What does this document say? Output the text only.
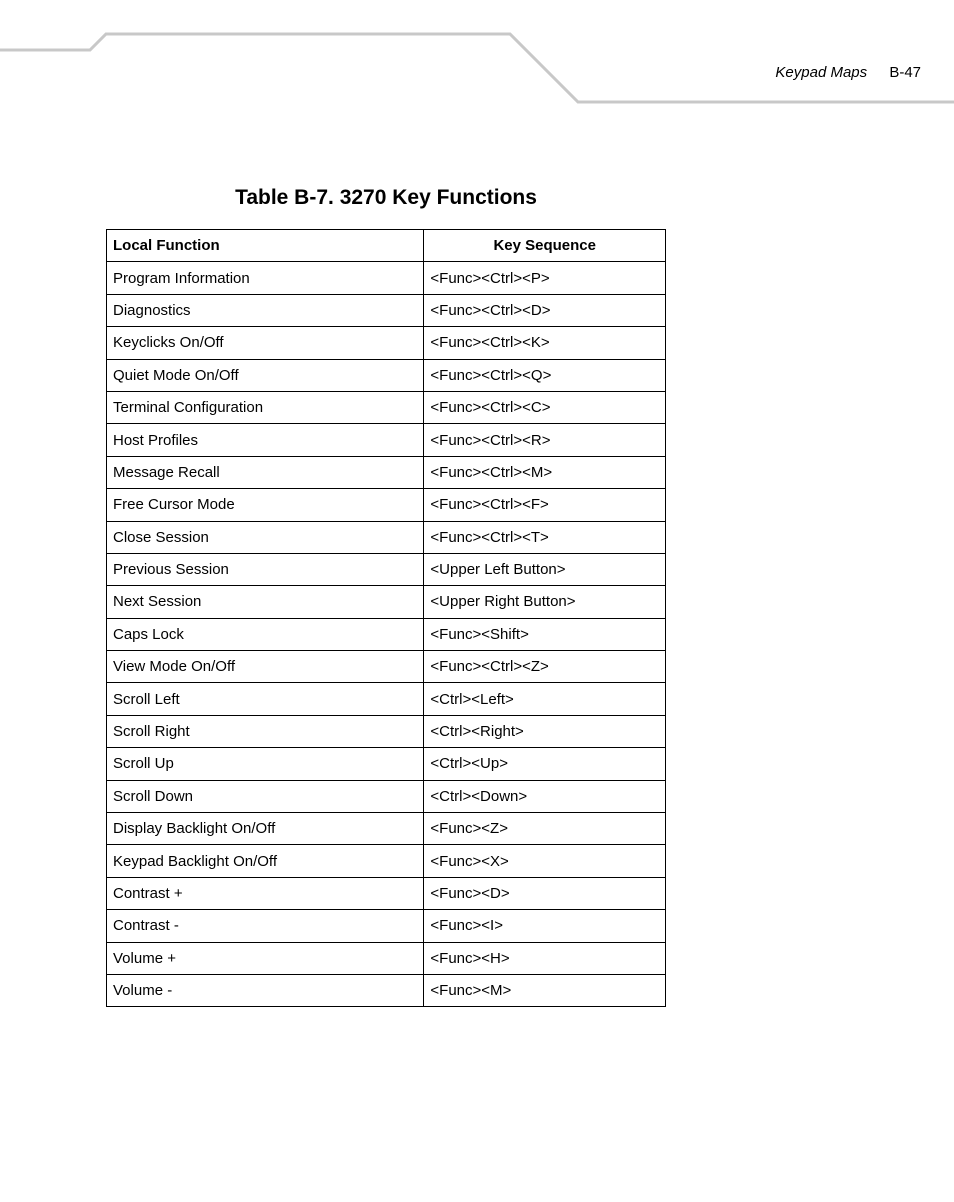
Keypad Maps B-47
Table B-7. 3270 Key Functions
Local Function	Key Sequence
Program Information	<Func><Ctrl><P>
Diagnostics	<Func><Ctrl><D>
Keyclicks On/Off	<Func><Ctrl><K>
Quiet Mode On/Off	<Func><Ctrl><Q>
Terminal Configuration	<Func><Ctrl><C>
Host Profiles	<Func><Ctrl><R>
Message Recall	<Func><Ctrl><M>
Free Cursor Mode	<Func><Ctrl><F>
Close Session	<Func><Ctrl><T>
Previous Session	<Upper Left Button>
Next Session	<Upper Right Button>
Caps Lock	<Func><Shift>
View Mode On/Off	<Func><Ctrl><Z>
Scroll Left	<Ctrl><Left>
Scroll Right	<Ctrl><Right>
Scroll Up	<Ctrl><Up>
Scroll Down	<Ctrl><Down>
Display Backlight On/Off	<Func><Z>
Keypad Backlight On/Off	<Func><X>
Contrast +	<Func><D>
Contrast -	<Func><I>
Volume +	<Func><H>
Volume -	<Func><M>
